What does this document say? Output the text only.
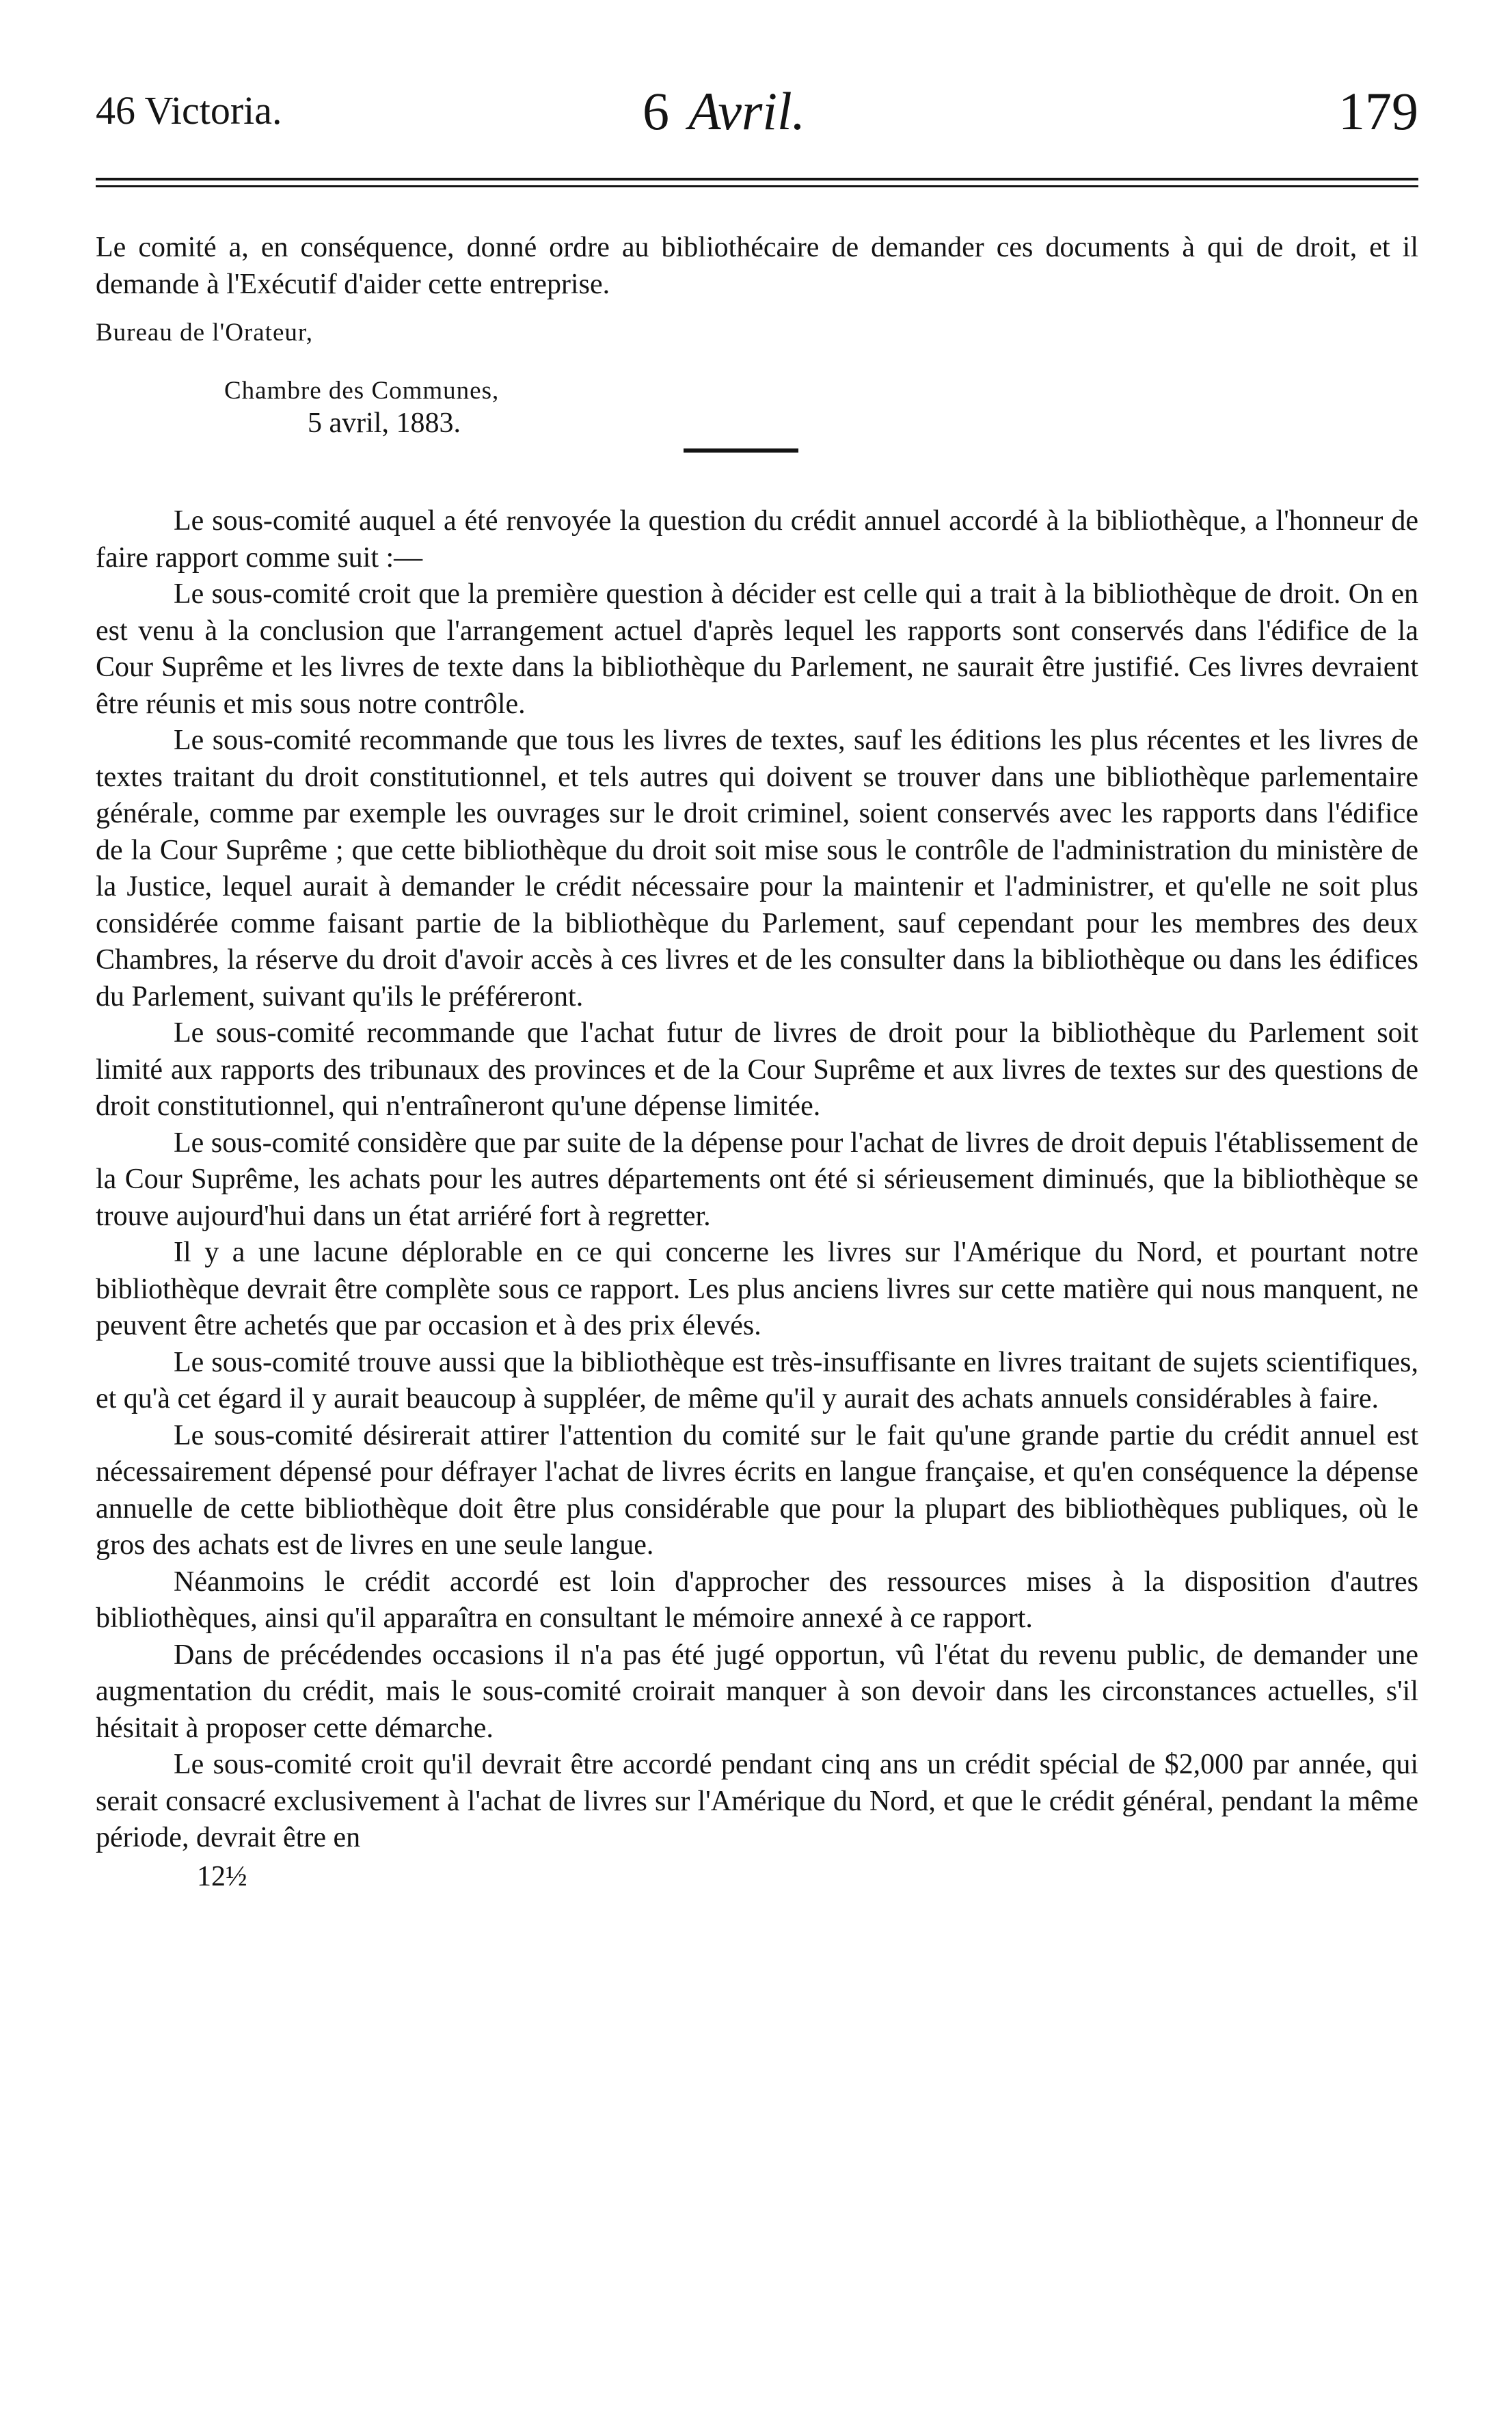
46 Victoria.	6 Avril.	179
Le comité a, en conséquence, donné ordre au bibliothécaire de demander ces documents à qui de droit, et il demande à l'Exécutif d'aider cette entreprise.
Bureau de l'Orateur,
Chambre des Communes,
5 avril, 1883.

Le sous-comité auquel a été renvoyée la question du crédit annuel accordé à la bibliothèque, a l'honneur de faire rapport comme suit :—

Le sous-comité croit que la première question à décider est celle qui a trait à la bibliothèque de droit. On en est venu à la conclusion que l'arrangement actuel d'après lequel les rapports sont conservés dans l'édifice de la Cour Suprême et les livres de texte dans la bibliothèque du Parlement, ne saurait être justifié. Ces livres devraient être réunis et mis sous notre contrôle.

Le sous-comité recommande que tous les livres de textes, sauf les éditions les plus récentes et les livres de textes traitant du droit constitutionnel, et tels autres qui doivent se trouver dans une bibliothèque parlementaire générale, comme par exemple les ouvrages sur le droit criminel, soient conservés avec les rapports dans l'édifice de la Cour Suprême ; que cette bibliothèque du droit soit mise sous le contrôle de l'administration du ministère de la Justice, lequel aurait à demander le crédit nécessaire pour la maintenir et l'administrer, et qu'elle ne soit plus considérée comme faisant partie de la bibliothèque du Parlement, sauf cependant pour les membres des deux Chambres, la réserve du droit d'avoir accès à ces livres et de les consulter dans la bibliothèque ou dans les édifices du Parlement, suivant qu'ils le préféreront.

Le sous-comité recommande que l'achat futur de livres de droit pour la bibliothèque du Parlement soit limité aux rapports des tribunaux des provinces et de la Cour Suprême et aux livres de textes sur des questions de droit constitutionnel, qui n'entraîneront qu'une dépense limitée.

Le sous-comité considère que par suite de la dépense pour l'achat de livres de droit depuis l'établissement de la Cour Suprême, les achats pour les autres départements ont été si sérieusement diminués, que la bibliothèque se trouve aujourd'hui dans un état arriéré fort à regretter.

Il y a une lacune déplorable en ce qui concerne les livres sur l'Amérique du Nord, et pourtant notre bibliothèque devrait être complète sous ce rapport. Les plus anciens livres sur cette matière qui nous manquent, ne peuvent être achetés que par occasion et à des prix élevés.

Le sous-comité trouve aussi que la bibliothèque est très-insuffisante en livres traitant de sujets scientifiques, et qu'à cet égard il y aurait beaucoup à suppléer, de même qu'il y aurait des achats annuels considérables à faire.

Le sous-comité désirerait attirer l'attention du comité sur le fait qu'une grande partie du crédit annuel est nécessairement dépensé pour défrayer l'achat de livres écrits en langue française, et qu'en conséquence la dépense annuelle de cette bibliothèque doit être plus considérable que pour la plupart des bibliothèques publiques, où le gros des achats est de livres en une seule langue.

Néanmoins le crédit accordé est loin d'approcher des ressources mises à la disposition d'autres bibliothèques, ainsi qu'il apparaîtra en consultant le mémoire annexé à ce rapport.

Dans de précédendes occasions il n'a pas été jugé opportun, vû l'état du revenu public, de demander une augmentation du crédit, mais le sous-comité croirait manquer à son devoir dans les circonstances actuelles, s'il hésitait à proposer cette démarche.

Le sous-comité croit qu'il devrait être accordé pendant cinq ans un crédit spécial de $2,000 par année, qui serait consacré exclusivement à l'achat de livres sur l'Amérique du Nord, et que le crédit général, pendant la même période, devrait être en

12½
